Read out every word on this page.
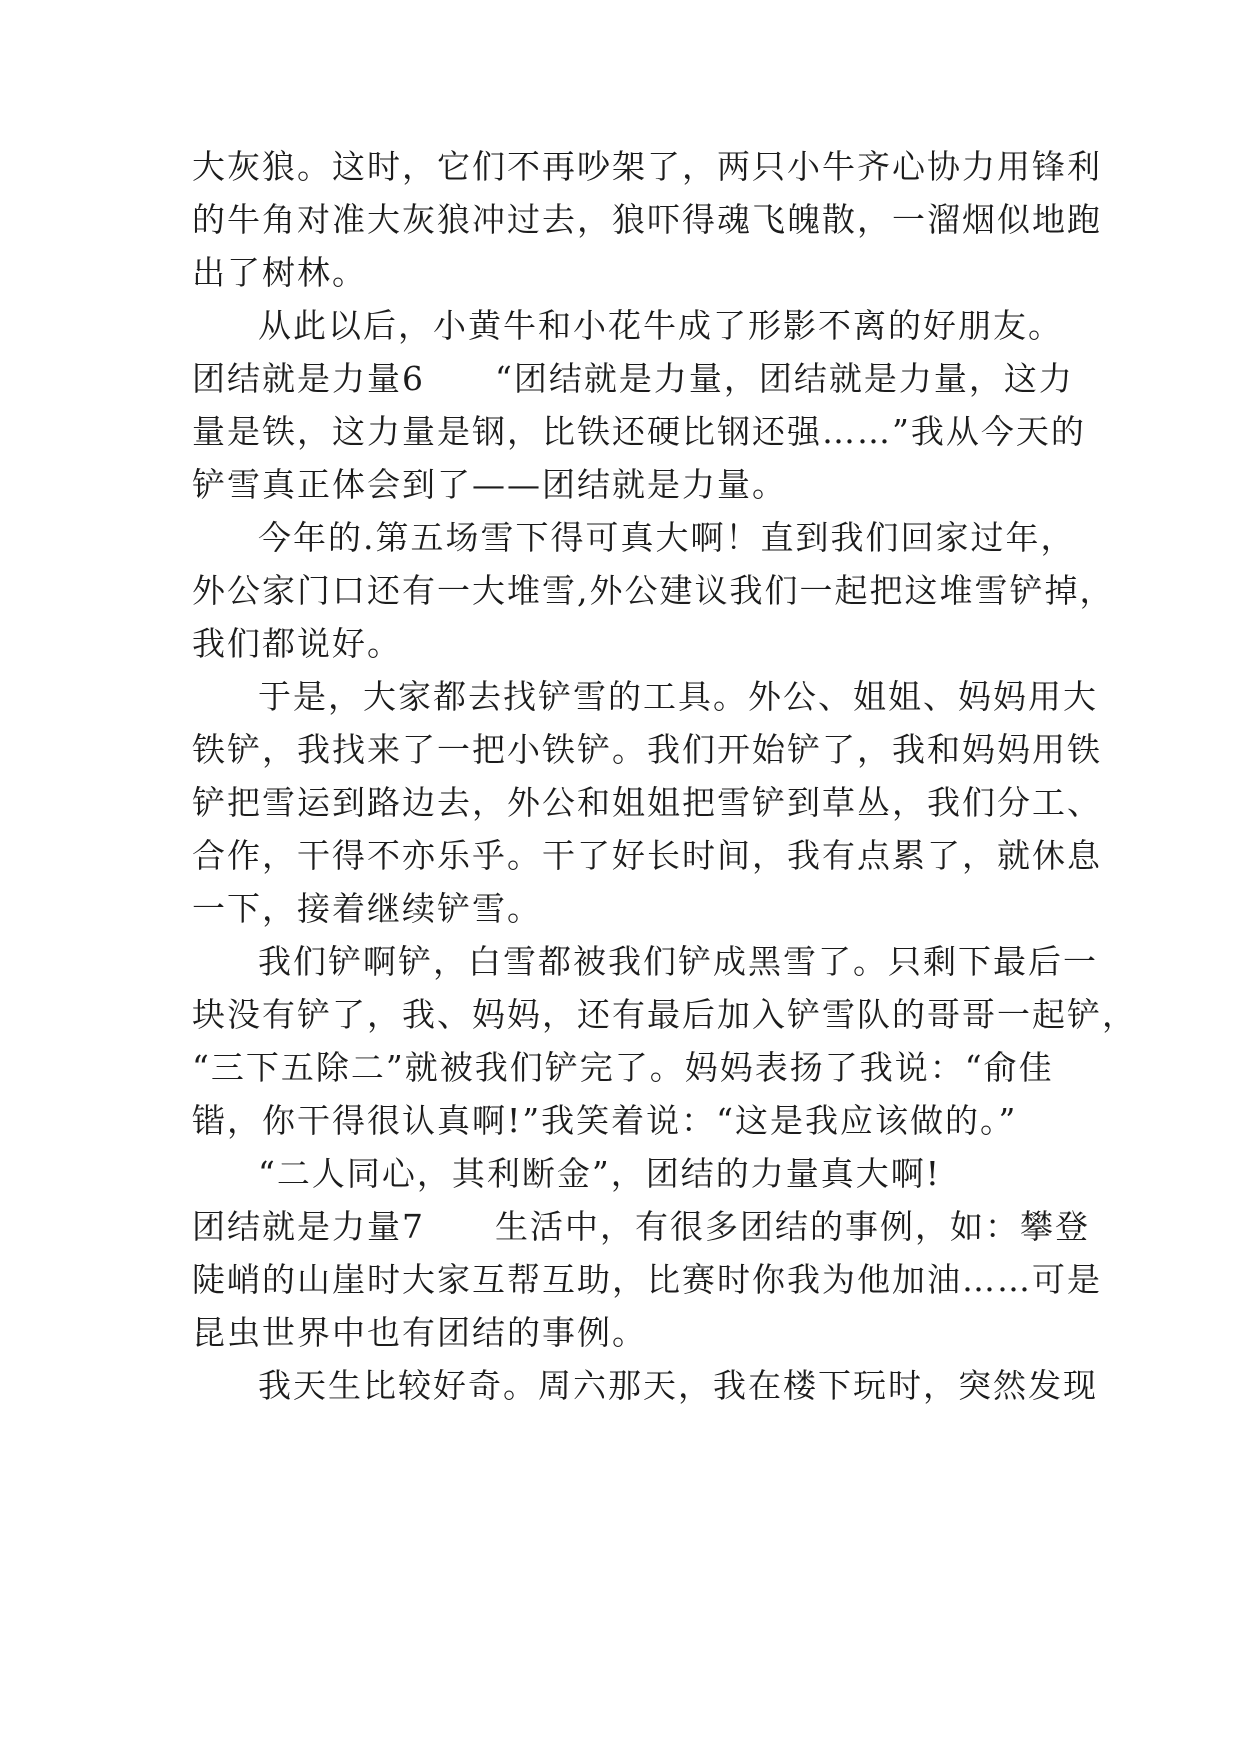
大灰狼。这时，它们不再吵架了，两只小牛齐心协力用锋利
的牛角对准大灰狼冲过去，狼吓得魂飞魄散，一溜烟似地跑
出了树林。
从此以后，小黄牛和小花牛成了形影不离的好朋友。
团结就是力量6 “团结就是力量，团结就是力量，这力
量是铁，这力量是钢，比铁还硬比钢还强……”我从今天的
铲雪真正体会到了——团结就是力量。
今年的.第五场雪下得可真大啊！直到我们回家过年，
外公家门口还有一大堆雪,外公建议我们一起把这堆雪铲掉，
我们都说好。
于是，大家都去找铲雪的工具。外公、姐姐、妈妈用大
铁铲，我找来了一把小铁铲。我们开始铲了，我和妈妈用铁
铲把雪运到路边去，外公和姐姐把雪铲到草丛，我们分工、
合作，干得不亦乐乎。干了好长时间，我有点累了，就休息
一下，接着继续铲雪。
我们铲啊铲，白雪都被我们铲成黑雪了。只剩下最后一
块没有铲了，我、妈妈，还有最后加入铲雪队的哥哥一起铲，
“三下五除二”就被我们铲完了。妈妈表扬了我说：“俞佳
锴，你干得很认真啊!”我笑着说：“这是我应该做的。”
“二人同心，其利断金”，团结的力量真大啊!
团结就是力量7 生活中，有很多团结的事例，如：攀登
陡峭的山崖时大家互帮互助，比赛时你我为他加油……可是
昆虫世界中也有团结的事例。
我天生比较好奇。周六那天，我在楼下玩时，突然发现
